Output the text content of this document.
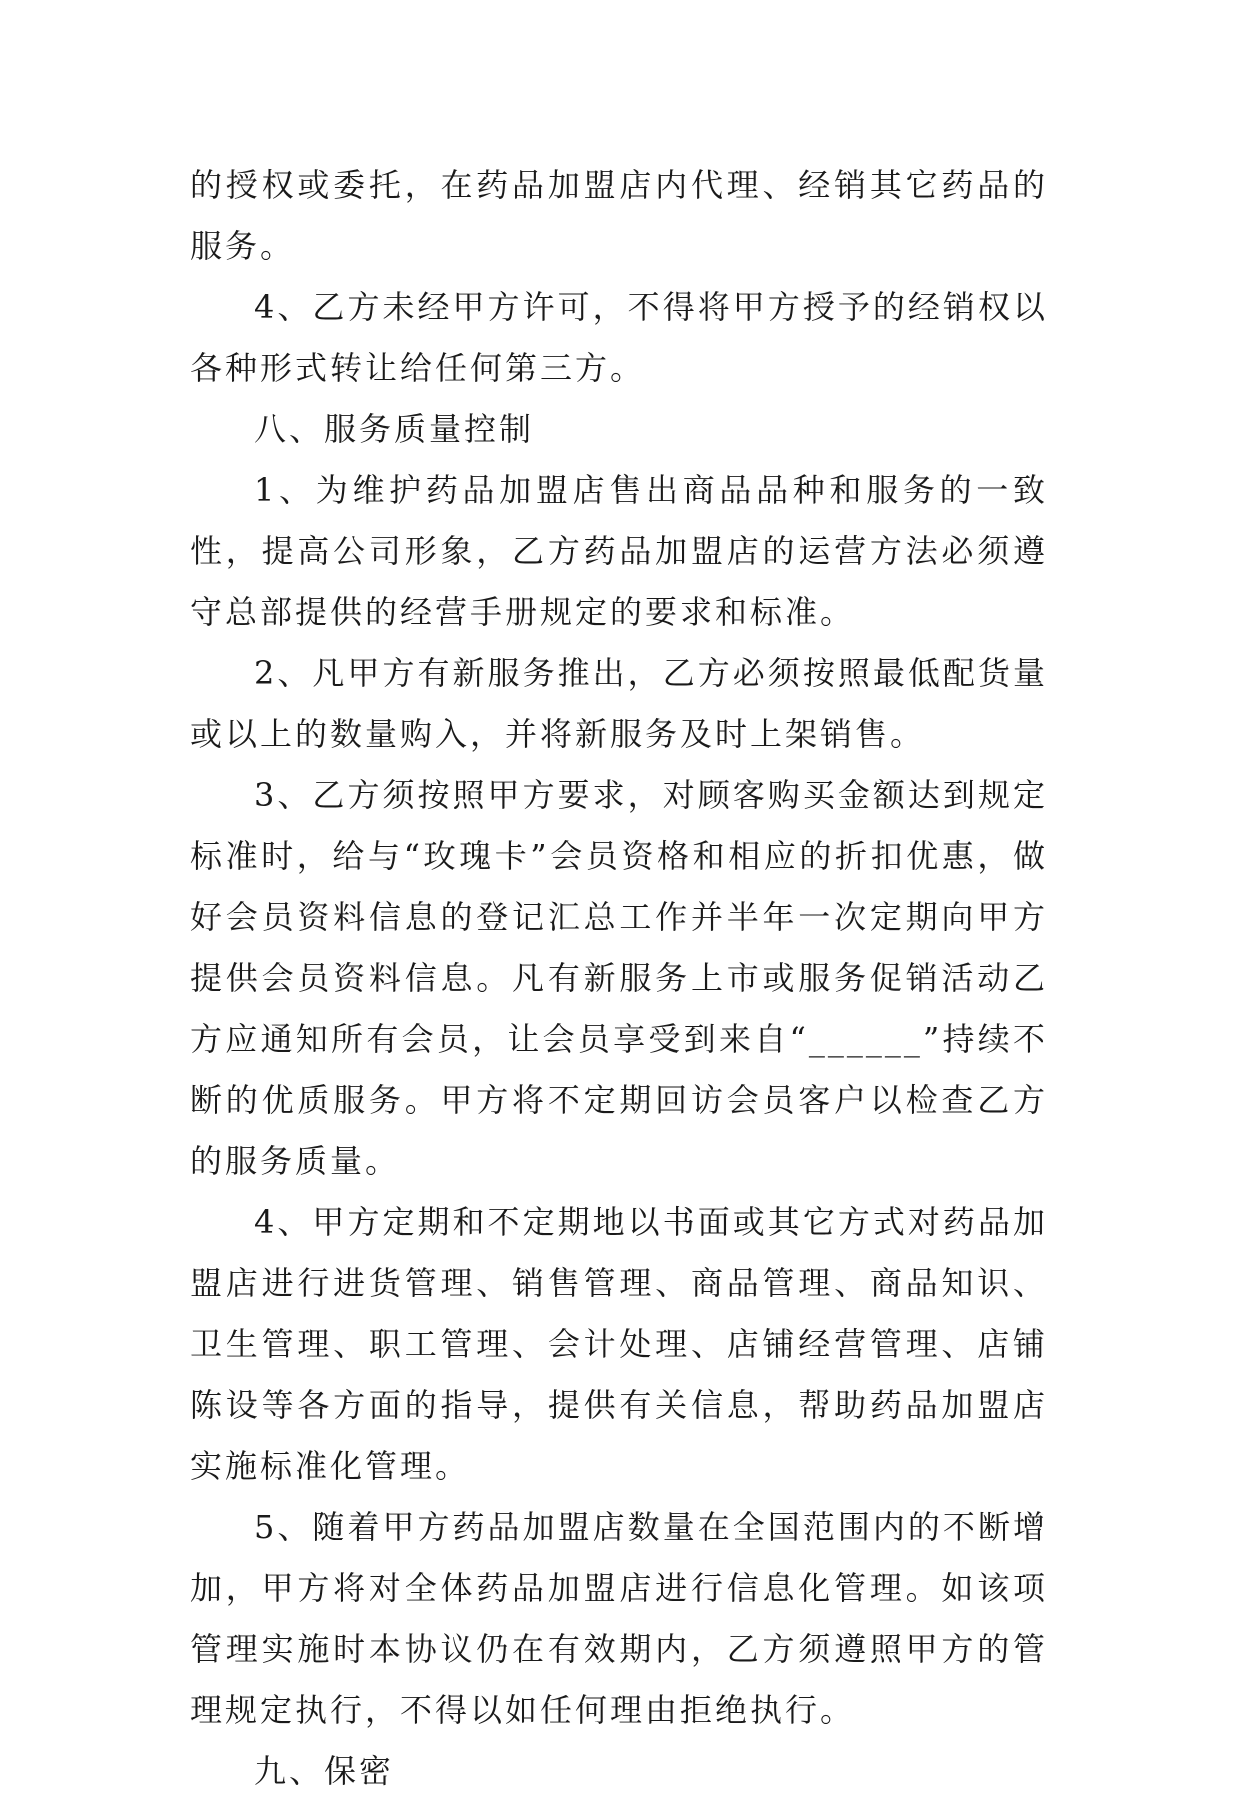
的授权或委托，在药品加盟店内代理、经销其它药品的服务。

4、乙方未经甲方许可，不得将甲方授予的经销权以各种形式转让给任何第三方。

八、服务质量控制

1、为维护药品加盟店售出商品品种和服务的一致性，提高公司形象，乙方药品加盟店的运营方法必须遵守总部提供的经营手册规定的要求和标准。

2、凡甲方有新服务推出，乙方必须按照最低配货量或以上的数量购入，并将新服务及时上架销售。

3、乙方须按照甲方要求，对顾客购买金额达到规定标准时，给与“玫瑰卡”会员资格和相应的折扣优惠，做好会员资料信息的登记汇总工作并半年一次定期向甲方提供会员资料信息。凡有新服务上市或服务促销活动乙方应通知所有会员，让会员享受到来自“______”持续不断的优质服务。甲方将不定期回访会员客户以检查乙方的服务质量。

4、甲方定期和不定期地以书面或其它方式对药品加盟店进行进货管理、销售管理、商品管理、商品知识、卫生管理、职工管理、会计处理、店铺经营管理、店铺陈设等各方面的指导，提供有关信息，帮助药品加盟店实施标准化管理。

5、随着甲方药品加盟店数量在全国范围内的不断增加，甲方将对全体药品加盟店进行信息化管理。如该项管理实施时本协议仍在有效期内，乙方须遵照甲方的管理规定执行，不得以如任何理由拒绝执行。

九、保密
